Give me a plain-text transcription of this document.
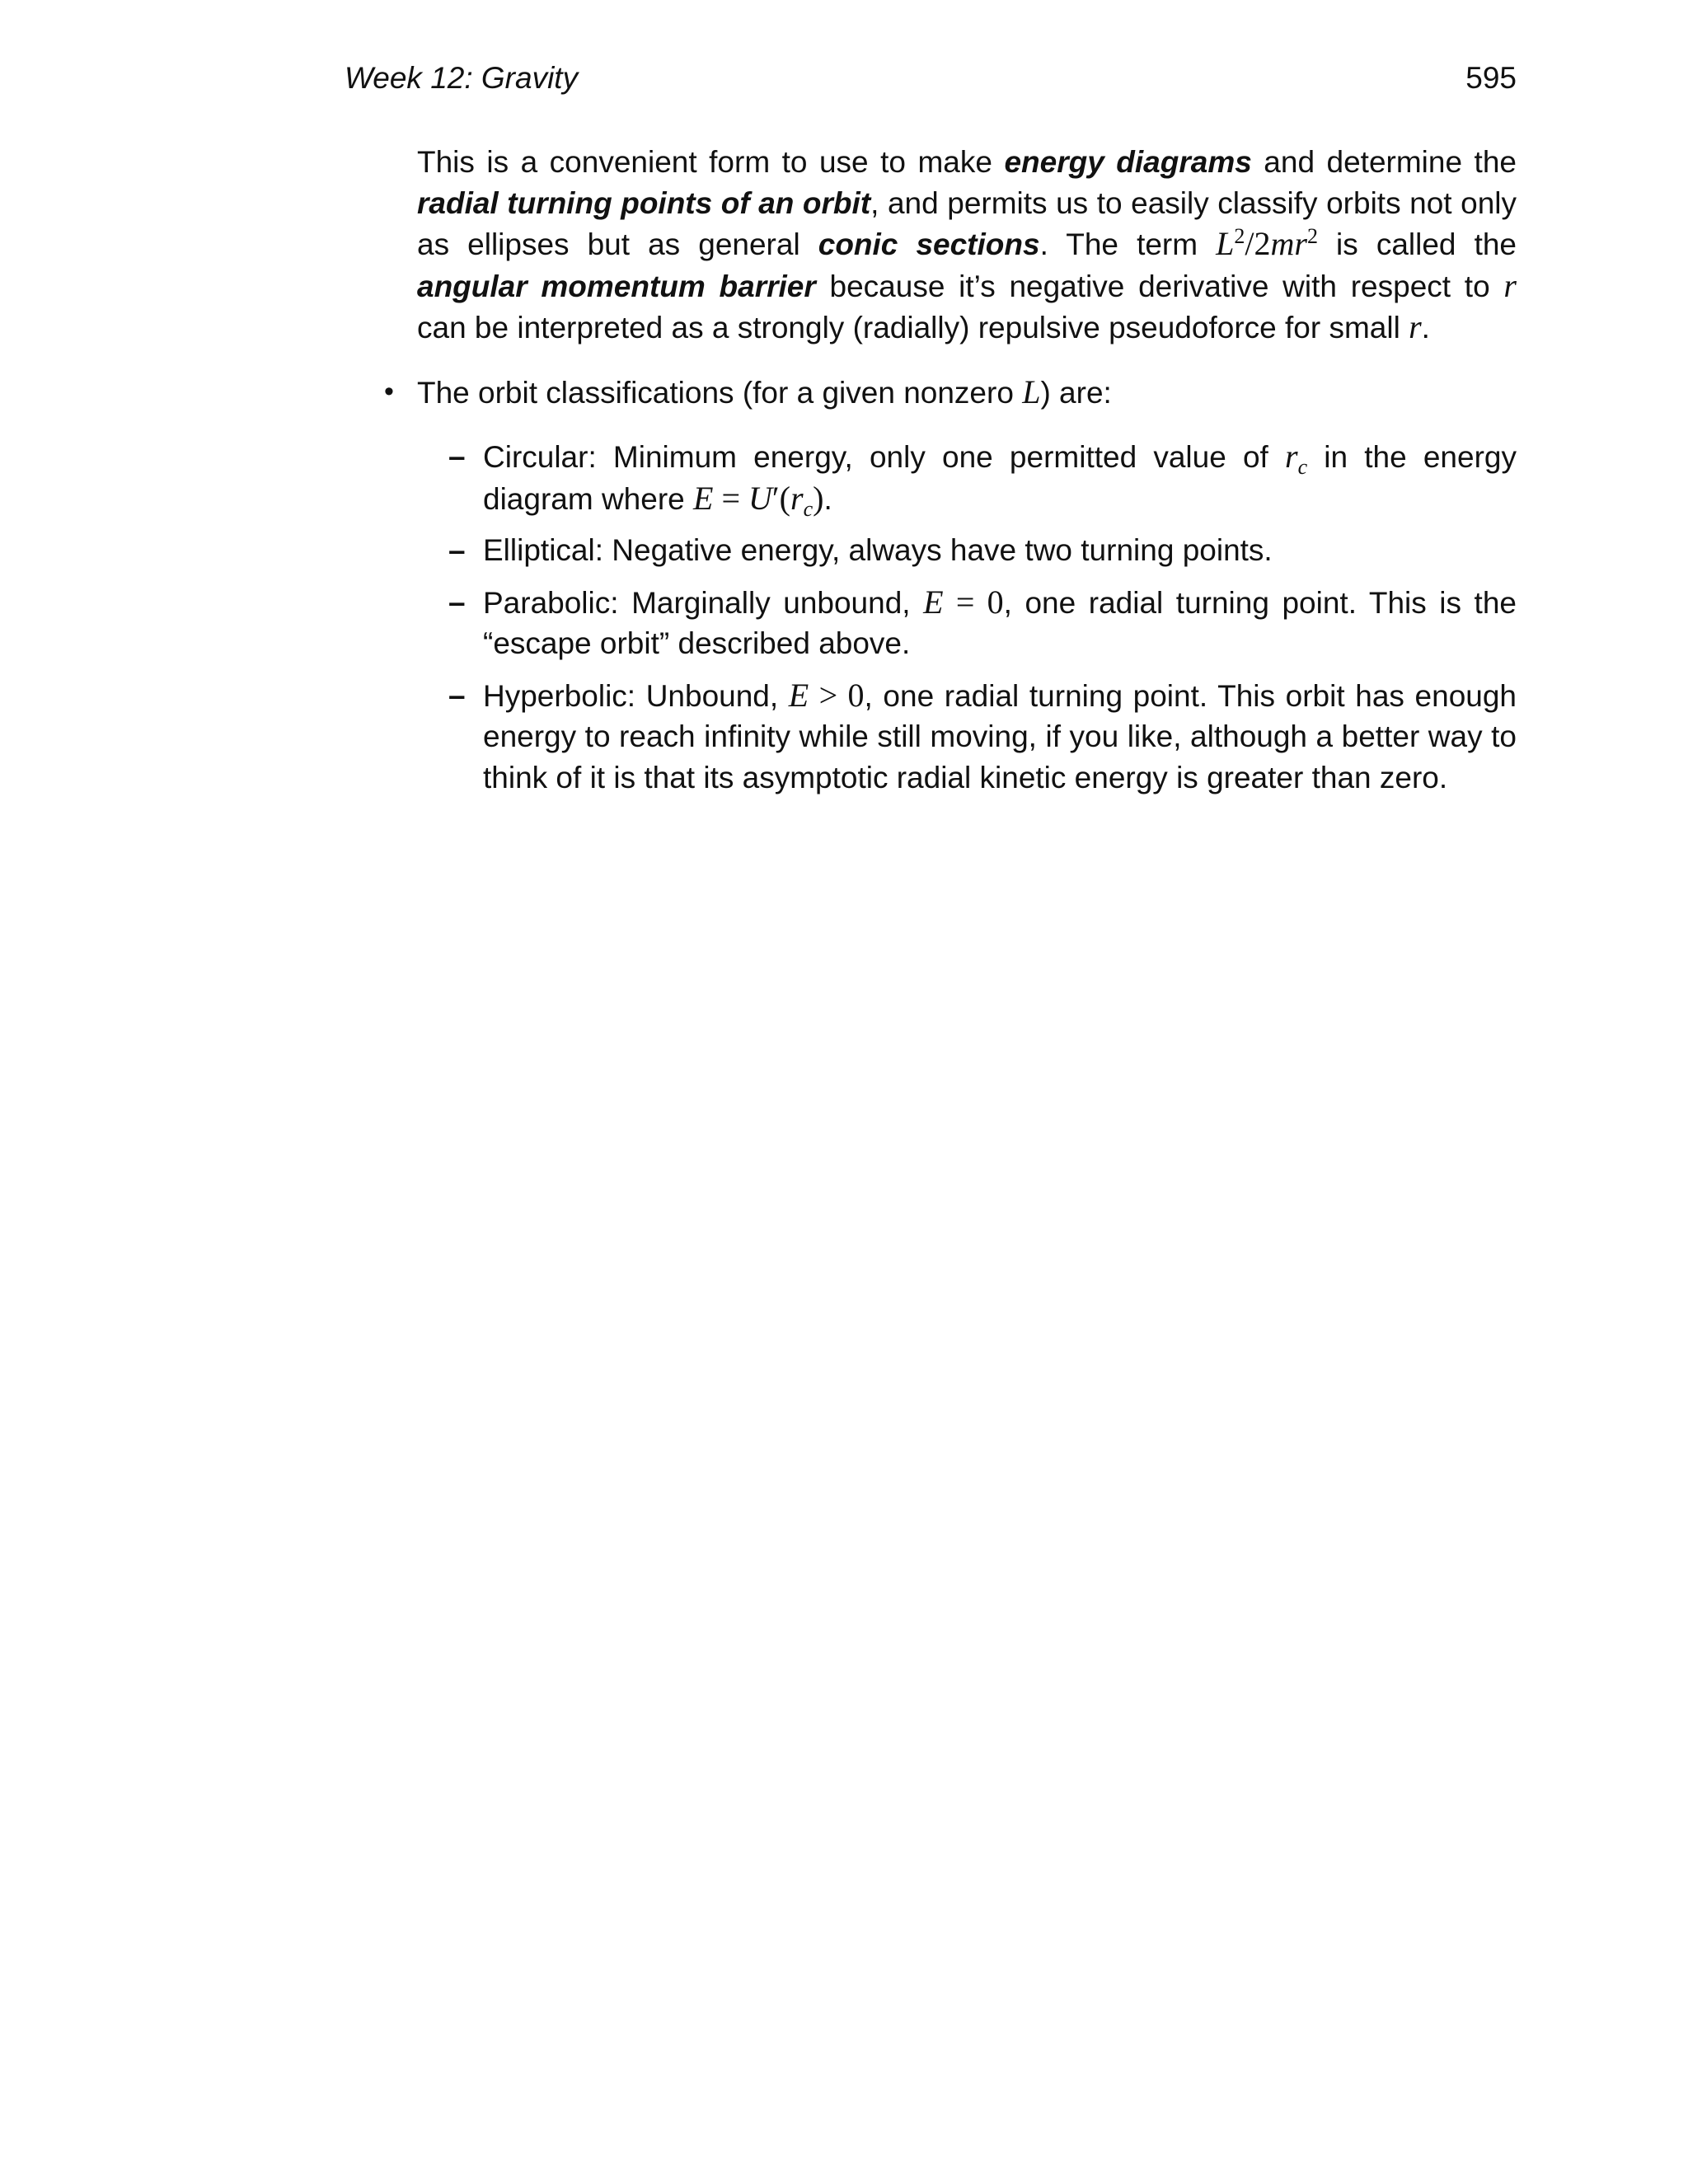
Week 12: Gravity	595

This is a convenient form to use to make energy diagrams and determine the radial turning points of an orbit, and permits us to easily classify orbits not only as ellipses but as general conic sections. The term $L^2/2mr^2$ is called the angular momentum barrier because it’s negative derivative with respect to r can be interpreted as a strongly (radially) repulsive pseudoforce for small r.

• The orbit classifications (for a given nonzero L) are:
– Circular: Minimum energy, only one permitted value of $r_c$ in the energy diagram where $E = U'(r_c)$.
– Elliptical: Negative energy, always have two turning points.
– Parabolic: Marginally unbound, E = 0, one radial turning point. This is the “escape orbit” described above.
– Hyperbolic: Unbound, E > 0, one radial turning point. This orbit has enough energy to reach infinity while still moving, if you like, although a better way to think of it is that its asymptotic radial kinetic energy is greater than zero.
